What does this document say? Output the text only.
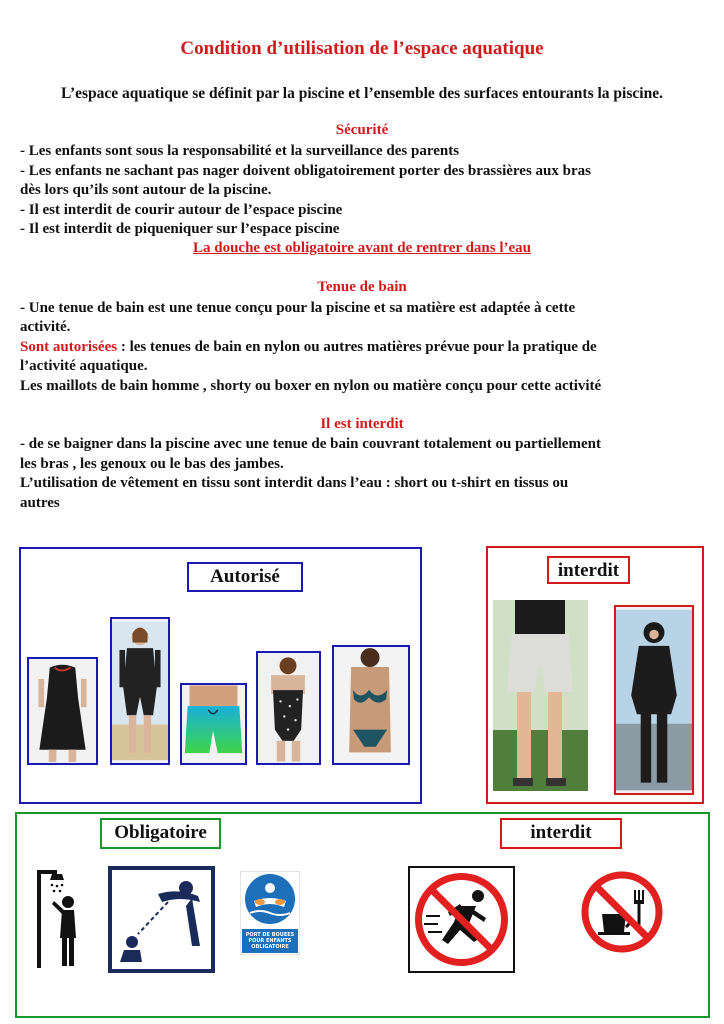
Condition d’utilisation de l’espace aquatique
L’espace aquatique se définit par la piscine et l’ensemble des surfaces entourants la piscine.
Sécurité
- Les enfants sont sous la responsabilité et la surveillance des parents
- Les enfants ne sachant pas nager doivent obligatoirement porter des brassières aux bras
dès lors qu’ils sont autour de la piscine.
- Il est interdit de courir autour de l’espace piscine
- Il est interdit de piqueniquer sur l’espace piscine
La douche est obligatoire avant de rentrer dans l’eau
Tenue de bain
- Une tenue de bain est une tenue conçu pour la piscine et sa matière est adaptée à cette
activité.
Sont autorisées : les tenues de bain en nylon ou autres matières prévue pour la pratique de
l’activité aquatique.
Les maillots de bain homme , shorty ou boxer en nylon ou matière conçu pour cette activité
Il est interdit
- de se baigner dans la piscine avec une tenue de bain couvrant totalement ou partiellement
les bras , les genoux ou le bas des jambes.
L’utilisation de vêtement en tissu sont interdit dans l’eau : short ou t-shirt en tissus ou
autres
Autorisé	interdit
Obligatoire	interdit
PORT DE BOUEES
POUR ENFANTS
OBLIGATOIRE
